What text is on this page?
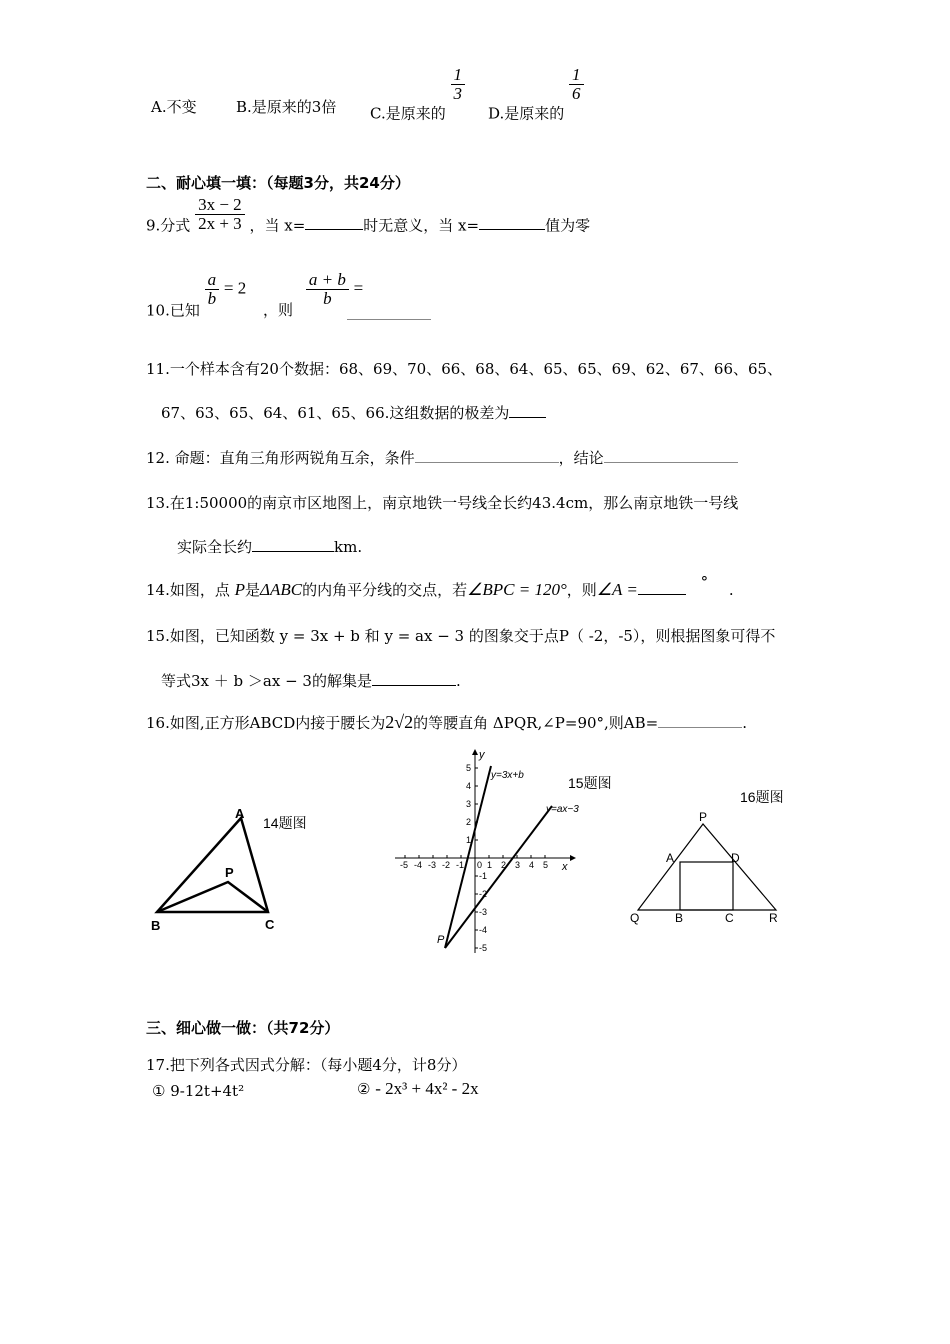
A.不变	B.是原来的3倍 C.是原来的
$\frac{1}{3}$
D.是原来的
$\frac{1}{6}$
二、耐心填一填：（每题3分，共24分）
9.分式 $\frac{3x - 2}{2x + 3}$ ，当 x=	时无意义，当 x=	值为零
10.已知
$\frac{a}{b} = 2$ ，则
$\frac{a + b}{b}$ =
11.一个样本含有20个数据：68、69、70、66、68、64、65、65、69、62、67、66、65、
67、63、65、64、61、65、66.这组数据的极差为
12. 命题：直角三角形两锐角互余，条件	，结论
13.在1:50000的南京市区地图上，南京地铁一号线全长约43.4cm，那么南京地铁一号线
实际全长约	km.
14.如图，点 P是ΔABC的内角平分线的交点，若∠BPC = 120°，则∠A =	° .
15.如图，已知函数 y = 3x + b 和 y = ax − 3 的图象交于点P（ -2，-5），则根据图象可得不
等式3x ＋ b ＞ax − 3的解集是	.
16.如图,正方形ABCD内接于腰长为2√2的等腰直角 ΔPQR,∠P=90°,则AB=	.
A
B	C
P
14题图
-5 -4 -3 -2 -1	1 2 3 4 5
5
4
3
2
1
-1
-2
-3
-4
-5
0
y
x
y=3x+b
y=ax−3
P
15题图
P
A	D
Q	B	C	R
16题图
三、细心做一做：（共72分）
17.把下列各式因式分解：（每小题4分，计8分）
① 9-12t+4t²	② - 2x³ + 4x² - 2x
